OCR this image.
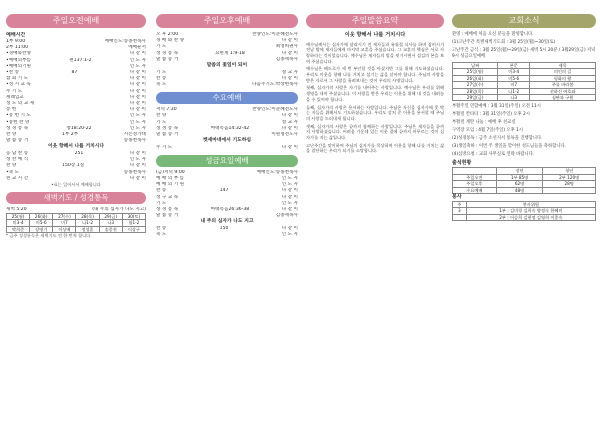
주일오전예배
예배시간
1부 9:00	예배인도:송종천목사
2부 11:00	예배순서
•경배와찬양	다 같 이
•예배의부름	편137:1-2	인 도 자
•예배의기원	인 도 자
•찬 송	87	다 같 이
참 회 기 도	다 같 이
•성 시 교 독	다 같 이
주 기 도	다 같 이
세례입교	다 같 이
성 도 의 교 제	다 같 이
봉 헌	다 같 이
•봉 헌 기 도	인 도 자
•봉헌 찬 양	인 도 자
성 경 봉 독	창18:20-22	인 도 자
찬 양	1부 2부	시온성가대
말 씀 증 거	송종천목사
이웃 향해서 나를 거치시다
응 답 찬 송	251	다 같 이
성 찬 예 식	인 도 자
찬 양	150장 1절	다 같 이
•축 도	송종천목사
친 교 시 간	다 같 이
•표는 일어서서 예배합니다
새벽기도 / 성경통독
새벽 5:20	(내 주의 십자가 나도 지고)
25(월)	26(화)	27(수)	28(목)	29(금)	30(토)
미3-4	미5-6	미7	나1-2	나3	합1-2
박희준	장명기	이상배	정성훈	송종천	이상구
* 금주 성경통독은 새벽기도 전 한 번씩 합니다.
주일오후예배
오 후 2:00	찬양인도:이준혜전도사
경 배 와 찬 양	다 같 이
기 도	최영희권사
성 경 봉 독	요한계 1:9-18	다 같 이
말 씀 증 거	김종세목사
말씀의 꽃잎이 되어
기 도	설 교 자
찬 송	다 같 이
축 도	다음주기도:박상현목사
수요예배
저녁 7:30	찬양인도:이준혜전도사
찬 양	다 같 이
기 도	설 교 자
성 경 봉 독	마태복음14:32-42	다 같 이
말 씀 증 거	이원형전도사
켓세마네에서 기도하심
주 기 도	다 같 이
성금요일예배
(금)저녁 9:00	예배인도:송종천목사
예 배 의 부 름	인 도 자
예 배 의 기 원	인 도 자
찬 송	147	다 같 이
성 구 교 독	다 같 이
기 도	인 도 자
성 경 봉 독	마태복음26:36-38	다 같 이
말 씀 증 거	김종세목사
내 주의 십자가 나도 지고
찬 송	150	다 같 이
축 도	인 도 자
주일말씀요약
이웃 향해서 나를 거치시다
예수님께서는 십자가에 달리시기 전 제자들과 유월절 식사를 하며 잡히시기 전날 밤에 제자들에게 마지막 교훈을 주셨습니다. 그 교훈의 핵심은 서로 사랑하라는 것이었습니다. 예수님은 제자들의 발을 씻기시면서 섬김의 본을 보여 주셨습니다.
예수님은 베드로가 세 번 부인할 것을 아셨지만 그를 위해 기도하셨습니다. 우리도 이웃을 향해 나를 거치고 섬기는 삶을 살아야 합니다. 주님의 사랑을 받은 자로서 그 사랑을 흘려보내는 것이 우리의 사명입니다.
첫째, 십자가의 사랑은 자기를 내어주는 사랑입니다. 예수님은 우리를 위해 생명을 내어 주셨습니다. 이 사랑을 받은 우리는 이웃을 위해 내 것을 내려놓을 수 있어야 합니다.
둘째, 십자가의 사랑은 용서하는 사랑입니다. 주님은 자신을 십자가에 못 박는 자들을 위해서도 기도하셨습니다. 우리도 상처 준 이웃을 용서할 때 주님의 사랑을 드러내게 됩니다.
셋째, 십자가의 사랑은 끝까지 함께하는 사랑입니다. 주님은 제자들을 끝까지 사랑하셨습니다. 어려움 가운데 있는 이웃 곁에 끝까지 머무르는 것이 십자가를 지는 삶입니다.
고난주간을 맞이하여 주님의 십자가를 묵상하며 이웃을 향해 나를 거치는 삶을 결단하는 우리가 되기를 소망합니다.
교회소식
환영 : 예배에 처음 오신 분들을 환영합니다.
(1)고난주간 특별새벽기도회 : 3월 25일(월)~30일(토)
고난주간 금식 : 3월 25일(월)~29일(금) 새벽 5시 20분 / 3월29일(금) 저녁 9시 성금요일예배
날짜	본문	제목
25일(월)	미3-4	의인의 길
26일(화)	미5-6	평화의 왕
27일(수)	미7	주를 바라봄
28일(목)	나1-2	선하신 여호와
29일(금)	나3	심판과 구원
부활주일 연합예배 : 3월 31일(주일) 오전 11시
부활절 칸타타 : 3월 31일(주일) 오후 2시
부활절 계란 나눔 : 예배 후 친교실
구역장 모임 : 4월 7일(주일) 오후 1시
(2)성경통독 : 금주 소선지서 통독을 진행합니다.
(3)생일축하 : 이번 주 생일을 맞이한 성도님들을 축하합니다.
(4)심방요청 : 교회 사무실로 연락 바랍니다.
출석현황
	장년	청년
주일오전	1부 85명	2부 120명
주일오후	62명	28명
수요예배	48명	
봉사
주	봉사위원
3	1부 : 김미경 김희숙 양정숙 한혜미
	2부 : 이승희 김현정 김영희 이종숙
